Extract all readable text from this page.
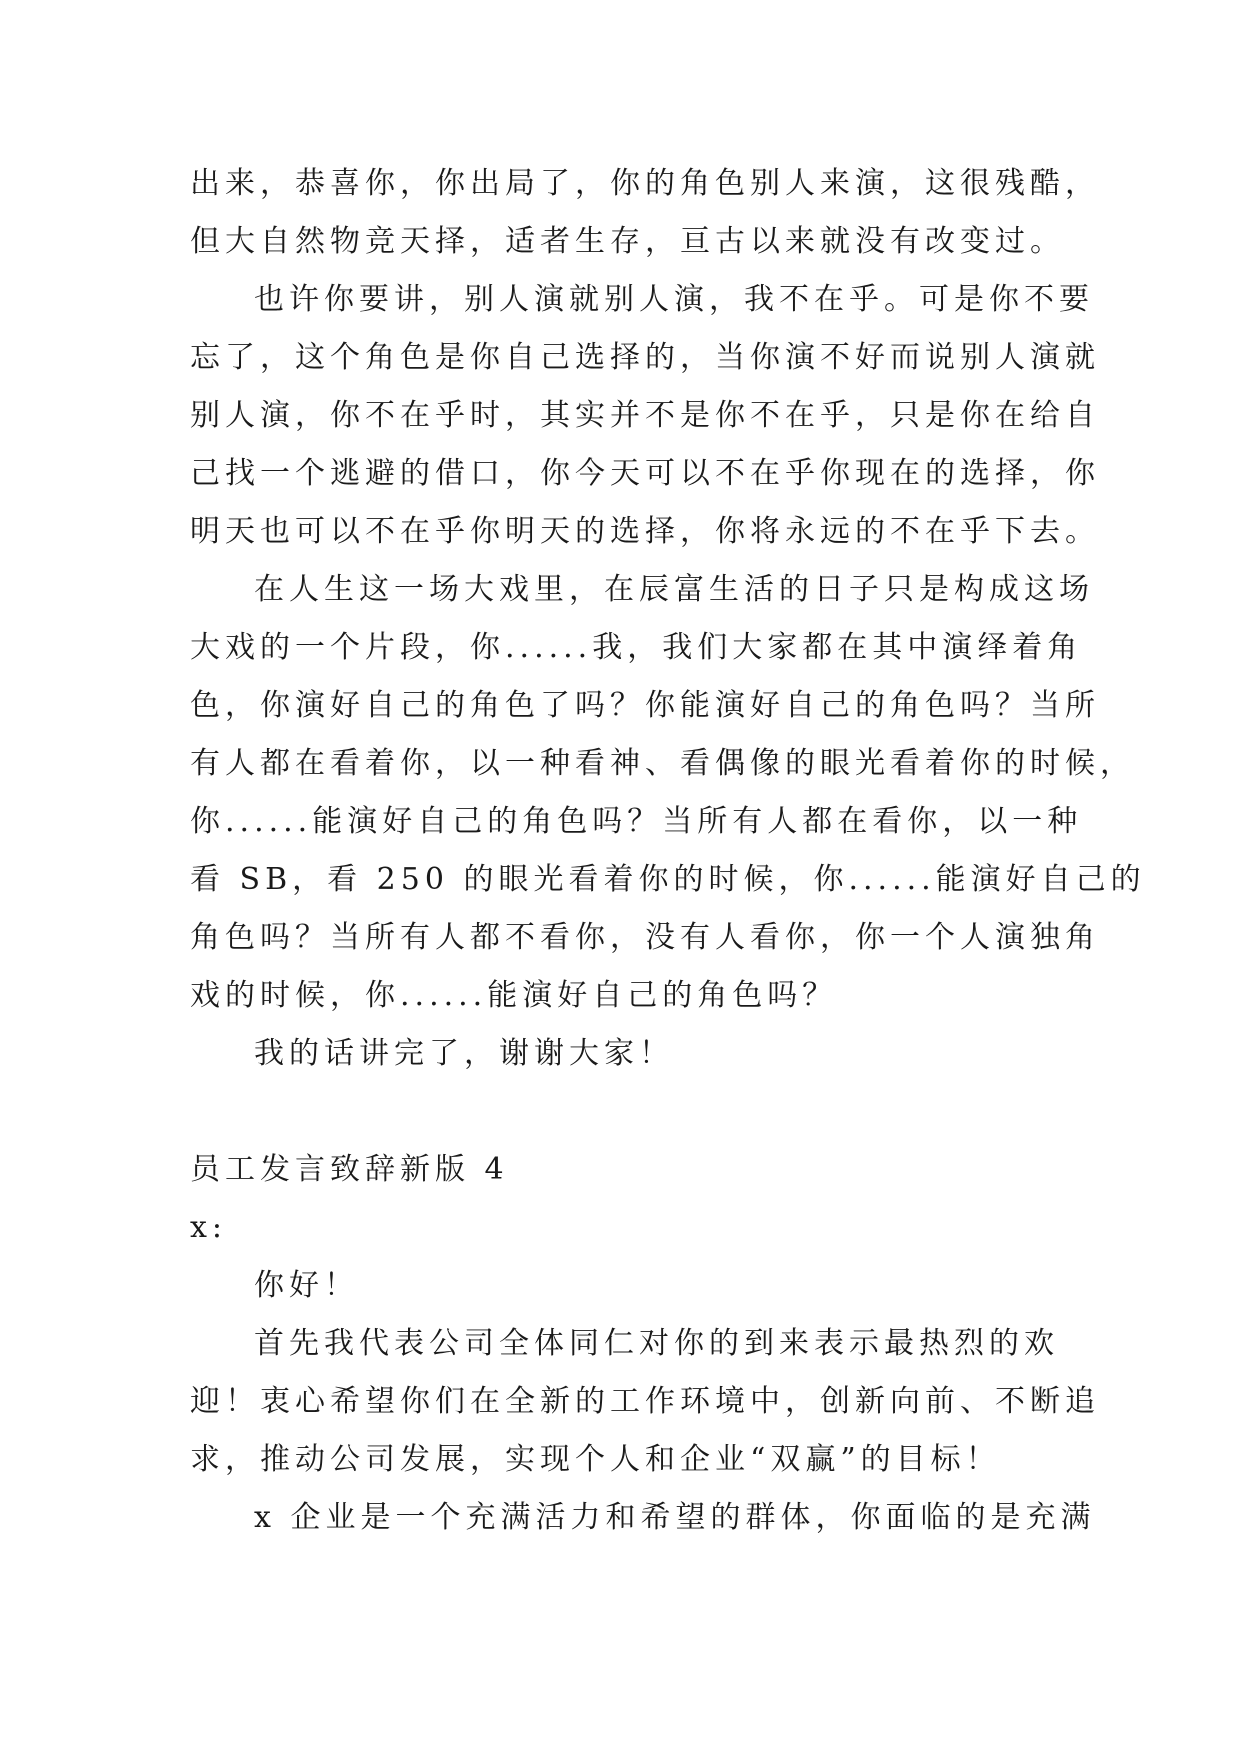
出来，恭喜你，你出局了，你的角色别人来演，这很残酷，
但大自然物竞天择，适者生存，亘古以来就没有改变过。
也许你要讲，别人演就别人演，我不在乎。可是你不要
忘了，这个角色是你自己选择的，当你演不好而说别人演就
别人演，你不在乎时，其实并不是你不在乎，只是你在给自
己找一个逃避的借口，你今天可以不在乎你现在的选择，你
明天也可以不在乎你明天的选择，你将永远的不在乎下去。
在人生这一场大戏里，在辰富生活的日子只是构成这场
大戏的一个片段，你......我，我们大家都在其中演绎着角
色，你演好自己的角色了吗？你能演好自己的角色吗？当所
有人都在看着你，以一种看神、看偶像的眼光看着你的时候，
你......能演好自己的角色吗？当所有人都在看你，以一种
看 SB，看 250 的眼光看着你的时候，你......能演好自己的
角色吗？当所有人都不看你，没有人看你，你一个人演独角
戏的时候，你......能演好自己的角色吗？
我的话讲完了，谢谢大家！
员工发言致辞新版 4
x:
你好！
首先我代表公司全体同仁对你的到来表示最热烈的欢
迎！衷心希望你们在全新的工作环境中，创新向前、不断追
求，推动公司发展，实现个人和企业“双赢”的目标！
x 企业是一个充满活力和希望的群体，你面临的是充满
